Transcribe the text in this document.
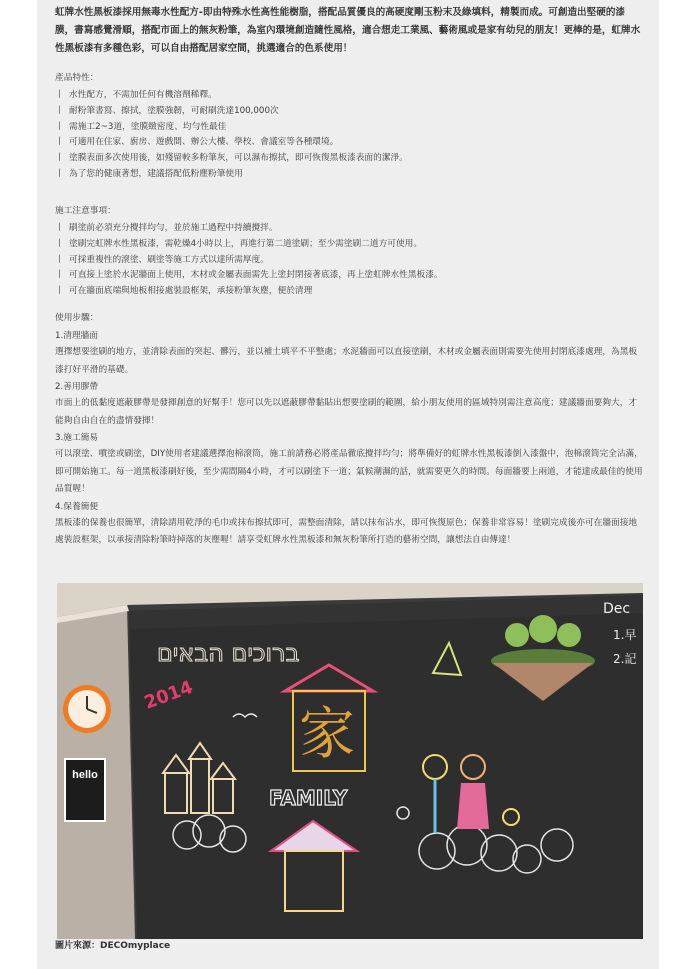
虹牌水性黑板漆採用無毒水性配方-即由特殊水性高性能樹脂，搭配品質優良的高硬度剛玉粉末及綠填料，精製而成。可創造出堅硬的漆膜，書寫感覺滑順，搭配市面上的無灰粉筆，為室內環境創造隨性風格，適合想走工業風、藝術風或是家有幼兒的朋友！更棒的是，虹牌水性黑板漆有多種色彩，可以自由搭配居家空間，挑選適合的色系使用！
產品特性：
丨 水性配方，不需加任何有機溶劑稀釋。
丨 耐粉筆書寫、擦拭，塗膜強韌，可耐刷洗達100,000次
丨 需施工2~3道，塗膜緻密度、均勻性最佳
丨 可適用在住家、廚房、遊戲間、辦公大樓、學校、會議室等各種環境。
丨 塗膜表面多次使用後，如殘留較多粉筆灰，可以濕布擦拭，即可恢復黑板漆表面的潔淨。
丨 為了您的健康著想，建議搭配低粉塵粉筆使用
施工注意事項：
丨 刷塗前必須充分攪拌均勻，並於施工過程中持續攪拌。
丨 塗刷完虹牌水性黑板漆，需乾燥4小時以上，再進行第二道塗刷；至少需塗刷二道方可使用。
丨 可採重複性的滾塗、刷塗等施工方式以達所需厚度。
丨 可直接上塗於水泥牆面上使用，木材或金屬表面需先上塗封閉接著底漆，再上塗虹牌水性黑板漆。
丨 可在牆面底端與地板相接處裝設框架，承接粉筆灰塵，便於清理
使用步驟：
1.清理牆面
選擇想要塗刷的地方，並清除表面的突起、髒污，並以補土填平不平整處；水泥牆面可以直接塗刷，木材或金屬表面則需要先使用封閉底漆處理，為黑板漆打好平滑的基礎。
2.善用膠帶
市面上的低黏度遮蔽膠帶是發揮創意的好幫手！您可以先以遮蔽膠帶黏貼出想要塗刷的範圍，給小朋友使用的區域特別需注意高度；建議牆面要夠大，才能夠自由自在的盡情發揮！
3.施工簡易
可以滾塗、噴塗或刷塗，DIY使用者建議選擇泡棉滾筒，施工前請務必將產品徹底攪拌均勻；將準備好的虹牌水性黑板漆倒入漆盤中，泡棉滾筒完全沾滿，即可開始施工。每一道黑板漆刷好後，至少需間隔4小時，才可以刷塗下一道；氣候潮濕的話，就需要更久的時間。每面牆要上兩道，才能達成最佳的使用品質喔！
4.保養簡便
黑板漆的保養也很簡單，清除請用乾淨的毛巾或抹布擦拭即可，需整面清除，請以抹布沾水，即可恢復原色；保養非常容易！塗刷完成後亦可在牆面接地處裝設框架，以承接清除粉筆時掉落的灰塵喔！請享受虹牌水性黑板漆和無灰粉筆所打造的藝術空間，讓想法自由傳達！
hello
ברוכים הבאים
2014
家
FAMILY
Dec
1.早
2.記
圖片來源：DECOmyplace
